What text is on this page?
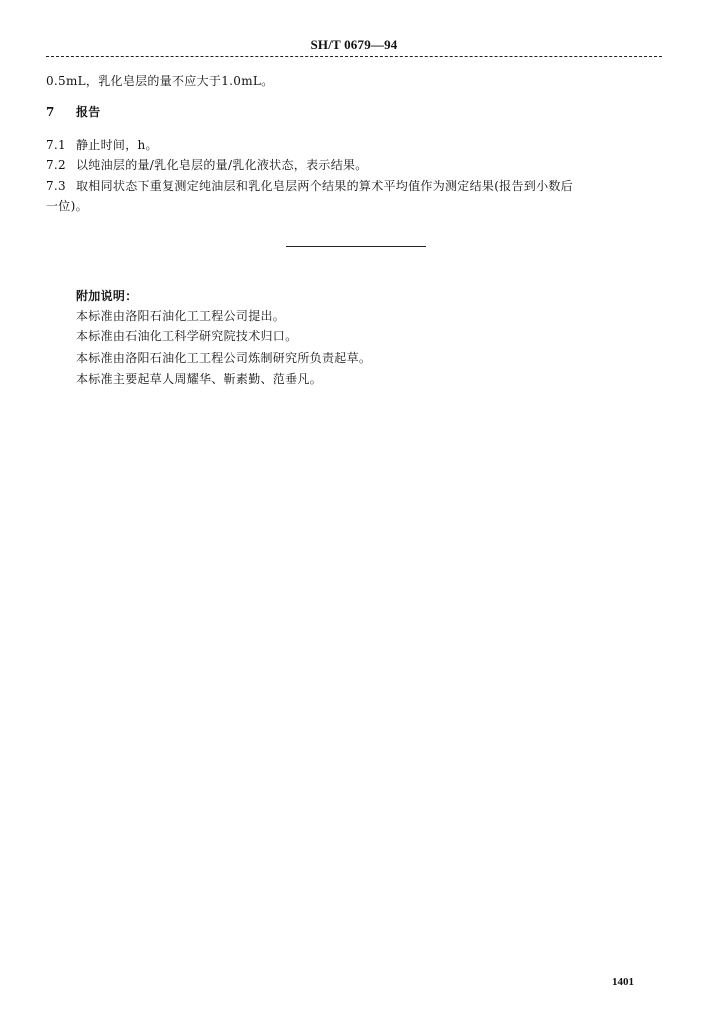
SH/T 0679—94
0.5mL，乳化皂层的量不应大于1.0mL。
7 报告
7.1 静止时间，h。
7.2 以纯油层的量/乳化皂层的量/乳化液状态，表示结果。
7.3 取相同状态下重复测定纯油层和乳化皂层两个结果的算术平均值作为测定结果(报告到小数后
一位)。
附加说明：
本标准由洛阳石油化工工程公司提出。
本标准由石油化工科学研究院技术归口。
本标准由洛阳石油化工工程公司炼制研究所负责起草。
本标准主要起草人周耀华、靳素勤、范垂凡。
1401
